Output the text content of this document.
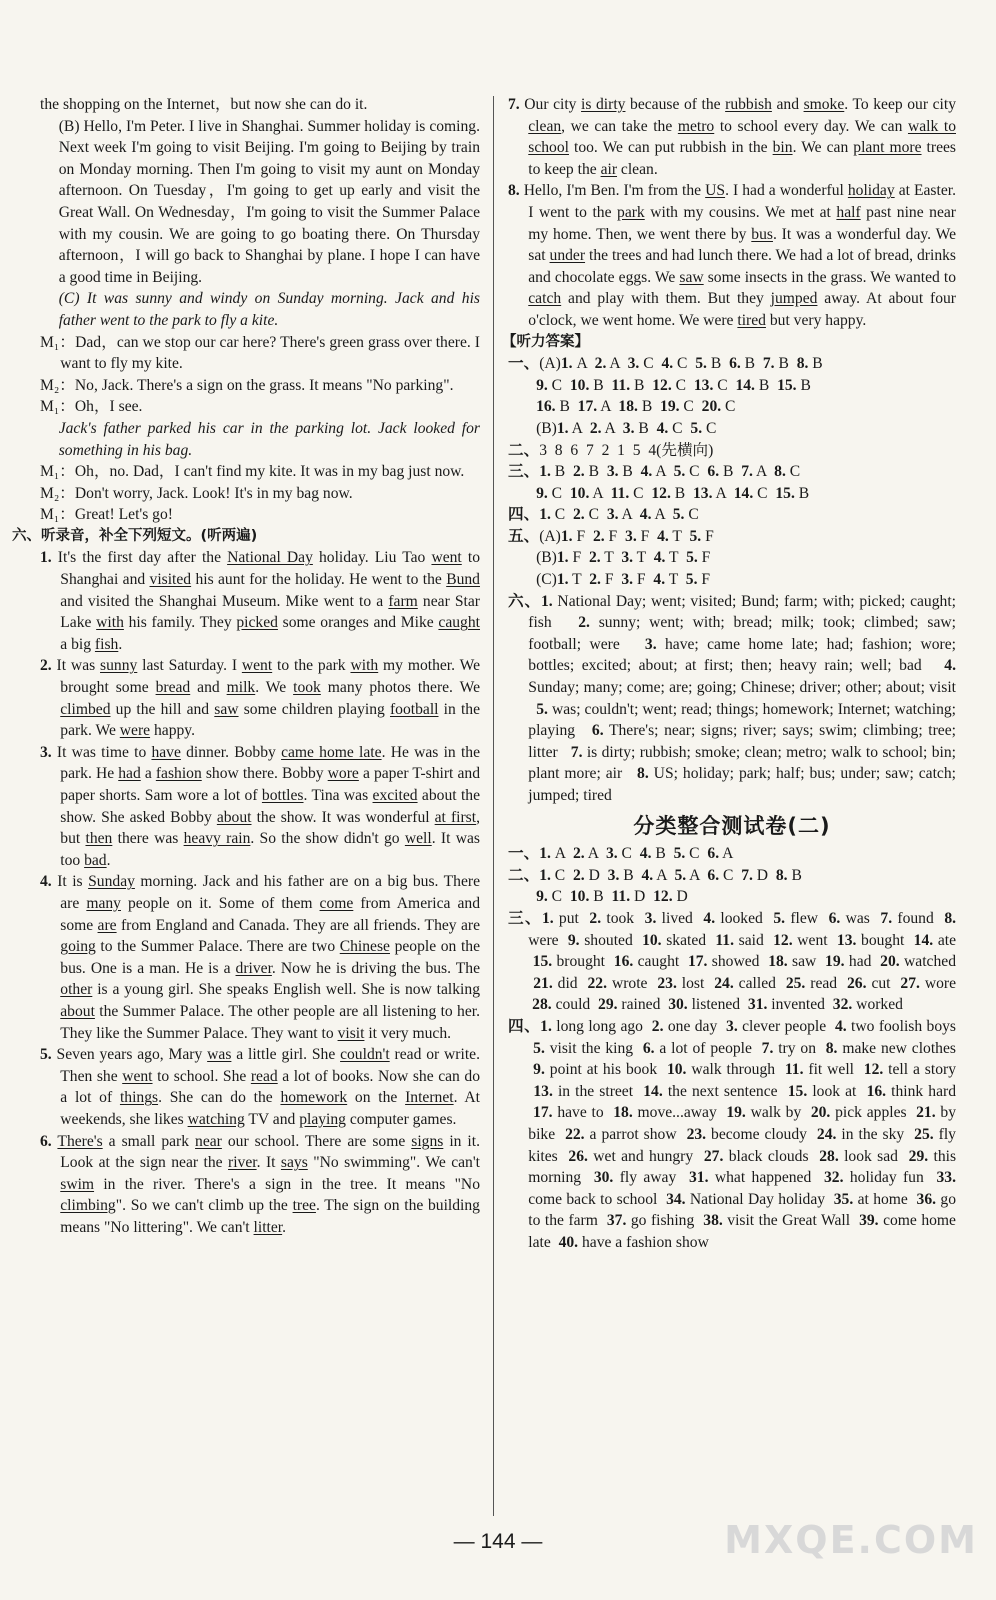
the shopping on the Internet，but now she can do it.

(B) Hello, I'm Peter. I live in Shanghai. Summer holiday is coming. Next week I'm going to visit Beijing. I'm going to Beijing by train on Monday morning. Then I'm going to visit my aunt on Monday afternoon. On Tuesday，I'm going to get up early and visit the Great Wall. On Wednesday，I'm going to visit the Summer Palace with my cousin. We are going to go boating there. On Thursday afternoon，I will go back to Shanghai by plane. I hope I can have a good time in Beijing.

(C) It was sunny and windy on Sunday morning. Jack and his father went to the park to fly a kite.

M₁：Dad，can we stop our car here? There's green grass over there. I want to fly my kite.

M₂：No, Jack. There's a sign on the grass. It means "No parking".

M₁：Oh，I see.

Jack's father parked his car in the parking lot. Jack looked for something in his bag.

M₁：Oh，no. Dad，I can't find my kite. It was in my bag just now.

M₂：Don't worry, Jack. Look! It's in my bag now.

M₁：Great! Let's go!

六、听录音，补全下列短文。(听两遍)

1. It's the first day after the National Day holiday. Liu Tao went to Shanghai and visited his aunt for the holiday. He went to the Bund and visited the Shanghai Museum. Mike went to a farm near Star Lake with his family. They picked some oranges and Mike caught a big fish.

2. It was sunny last Saturday. I went to the park with my mother. We brought some bread and milk. We took many photos there. We climbed up the hill and saw some children playing football in the park. We were happy.

3. It was time to have dinner. Bobby came home late. He was in the park. He had a fashion show there. Bobby wore a paper T-shirt and paper shorts. Sam wore a lot of bottles. Tina was excited about the show. She asked Bobby about the show. It was wonderful at first, but then there was heavy rain. So the show didn't go well. It was too bad.

4. It is Sunday morning. Jack and his father are on a big bus. There are many people on it. Some of them come from America and some are from England and Canada. They are all friends. They are going to the Summer Palace. There are two Chinese people on the bus. One is a man. He is a driver. Now he is driving the bus. The other is a young girl. She speaks English well. She is now talking about the Summer Palace. The other people are all listening to her. They like the Summer Palace. They want to visit it very much.

5. Seven years ago, Mary was a little girl. She couldn't read or write. Then she went to school. She read a lot of books. Now she can do a lot of things. She can do the homework on the Internet. At weekends, she likes watching TV and playing computer games.

6. There's a small park near our school. There are some signs in it. Look at the sign near the river. It says "No swimming". We can't swim in the river. There's a sign in the tree. It means "No climbing". So we can't climb up the tree. The sign on the building means "No littering". We can't litter.

7. Our city is dirty because of the rubbish and smoke. To keep our city clean, we can take the metro to school every day. We can walk to school too. We can put rubbish in the bin. We can plant more trees to keep the air clean.

8. Hello, I'm Ben. I'm from the US. I had a wonderful holiday at Easter. I went to the park with my cousins. We met at half past nine near my home. Then, we went there by bus. It was a wonderful day. We sat under the trees and had lunch there. We had a lot of bread, drinks and chocolate eggs. We saw some insects in the grass. We wanted to catch and play with them. But they jumped away. At about four o'clock, we went home. We were tired but very happy.

【听力答案】

一、(A)1. A  2. A  3. C  4. C  5. B  6. B  7. B  8. B
9. C  10. B  11. B  12. C  13. C  14. B  15. B
16. B  17. A  18. B  19. C  20. C
(B)1. A  2. A  3. B  4. C  5. C

二、3  8  6  7  2  1  5  4(先横向)

三、1. B  2. B  3. B  4. A  5. C  6. B  7. A  8. C
9. C  10. A  11. C  12. B  13. A  14. C  15. B

四、1. C  2. C  3. A  4. A  5. C

五、(A)1. F  2. F  3. F  4. T  5. F
(B)1. F  2. T  3. T  4. T  5. F
(C)1. T  2. F  3. F  4. T  5. F

六、1. National Day; went; visited; Bund; farm; with; picked; caught; fish   2. sunny; went; with; bread; milk; took; climbed; saw; football; were   3. have; came home late; had; fashion; wore; bottles; excited; about; at first; then; heavy rain; well; bad   4. Sunday; many; come; are; going; Chinese; driver; other; about; visit   5. was; couldn't; went; read; things; homework; Internet; watching; playing   6. There's; near; signs; river; says; swim; climbing; tree; litter   7. is dirty; rubbish; smoke; clean; metro; walk to school; bin; plant more; air   8. US; holiday; park; half; bus; under; saw; catch; jumped; tired

分类整合测试卷(二)

一、1. A  2. A  3. C  4. B  5. C  6. A

二、1. C  2. D  3. B  4. A  5. A  6. C  7. D  8. B
9. C  10. B  11. D  12. D

三、1. put  2. took  3. lived  4. looked  5. flew  6. was  7. found  8. were  9. shouted  10. skated  11. said  12. went  13. bought  14. ate  15. brought  16. caught  17. showed  18. saw  19. had  20. watched  21. did  22. wrote  23. lost  24. called  25. read  26. cut  27. wore  28. could  29. rained  30. listened  31. invented  32. worked

四、1. long long ago  2. one day  3. clever people  4. two foolish boys  5. visit the king  6. a lot of people  7. try on  8. make new clothes  9. point at his book  10. walk through  11. fit well  12. tell a story  13. in the street  14. the next sentence  15. look at  16. think hard  17. have to  18. move...away  19. walk by  20. pick apples  21. by bike  22. a parrot show  23. become cloudy  24. in the sky  25. fly kites  26. wet and hungry  27. black clouds  28. look sad  29. this morning  30. fly away  31. what happened  32. holiday fun  33. come back to school  34. National Day holiday  35. at home  36. go to the farm  37. go fishing  38. visit the Great Wall  39. come home late  40. have a fashion show

— 144 —	MXQE.COM
